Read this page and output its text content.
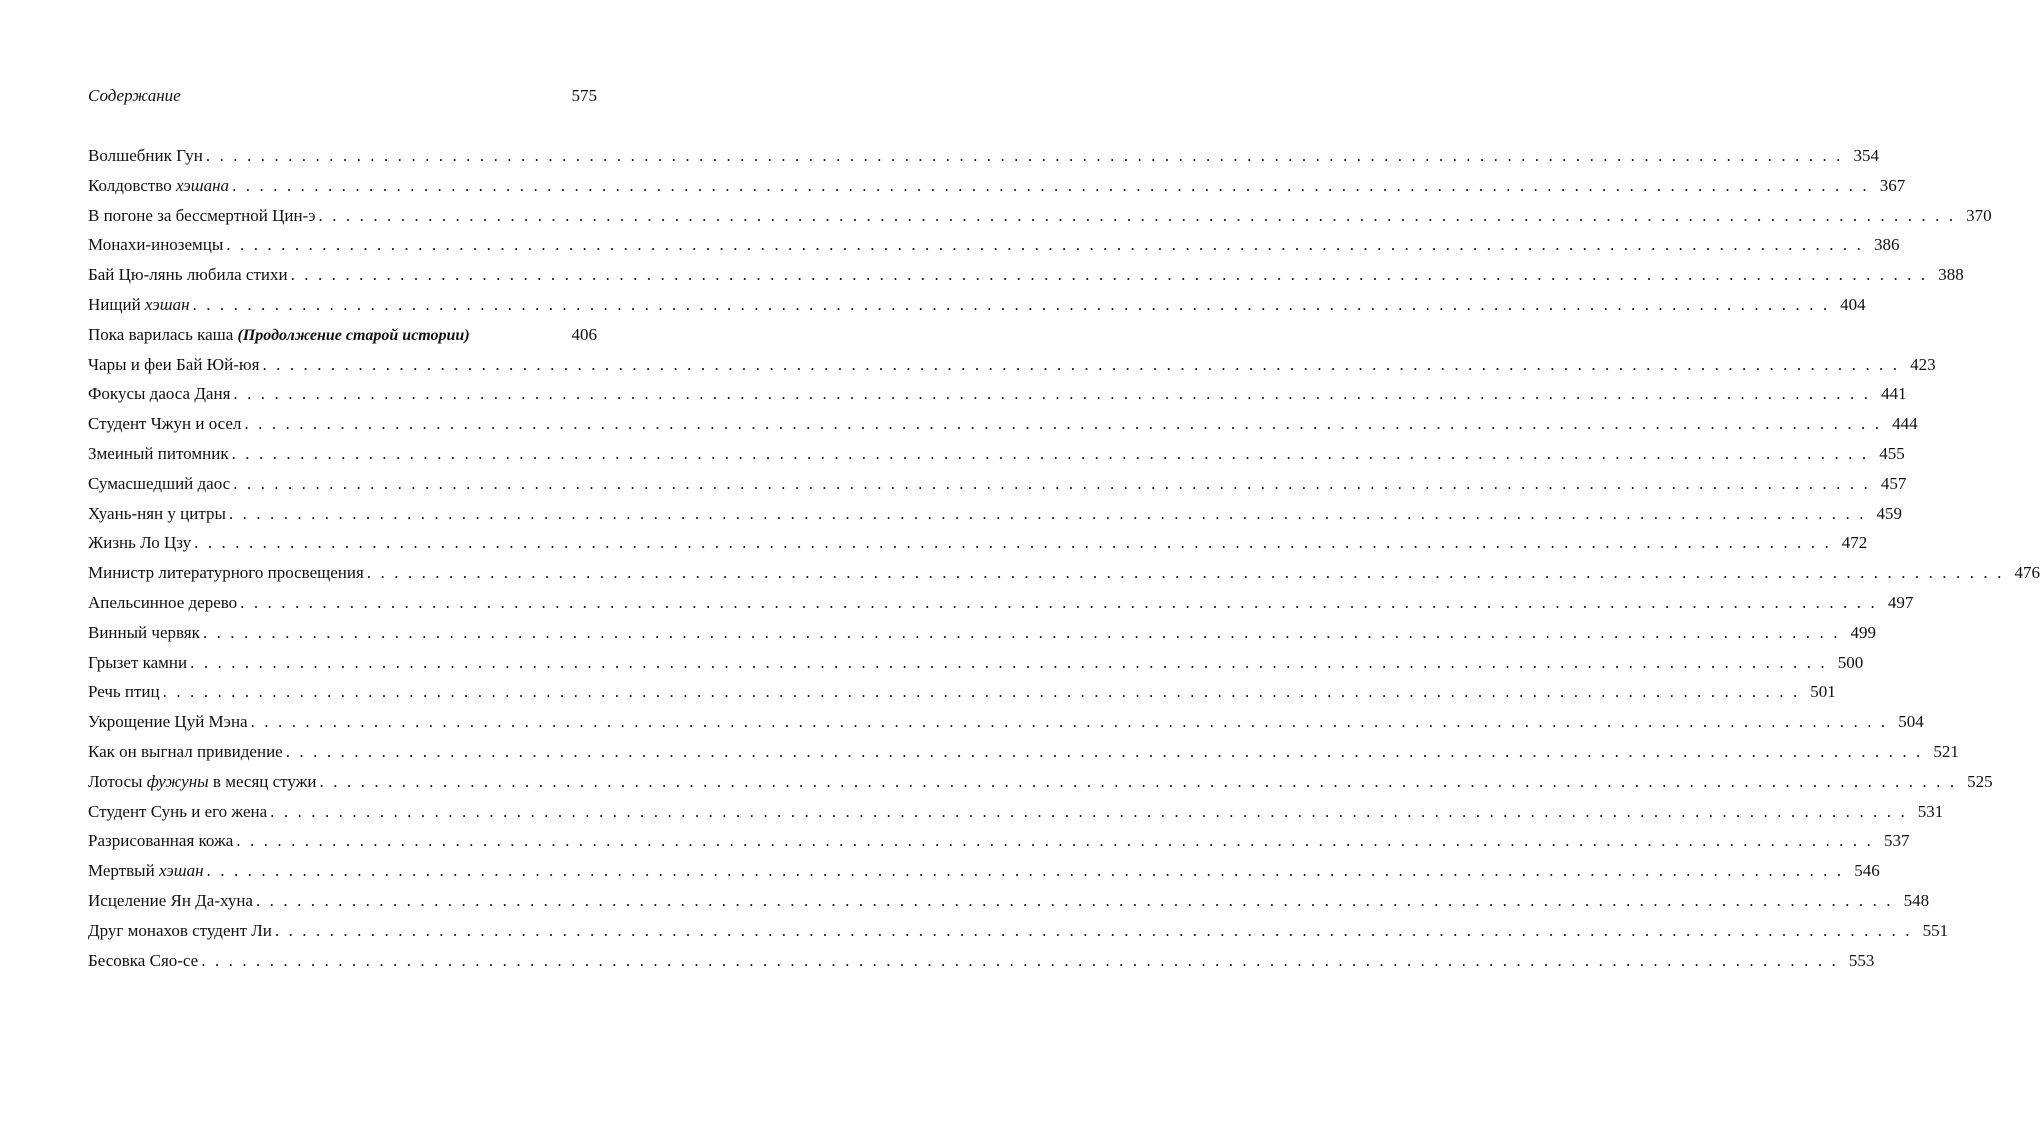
Содержание	575
Волшебник Гун . . . . . . . . . . . . . . . . . . . . . . . . . . . . . . . . . . . . . . . . . . . . . . . . . . . . . . . . . . . . . . . . . . . . . . . . . . . . . . . . . . . . . . . . . . . . . . . . . . . . . . . . . . . . . . . . . . . . . . . . 354
Колдовство хэшана . . . . . . . . . . . . . . . . . . . . . . . . . . . . . . . . . . . . . . . . . . . . . . . . . . . . . . . . . . . . . . . . . . . . . . . . . . . . . . . . . . . . . . . . . . . . . . . . . . . . . . . . . . . . . . . . . . . . . . . . 367
В погоне за бессмертной Цин-э . . . . . . . . . . . . . . . . . . . . . . . . . . . . . . . . . . . . . . . . . . . . . . . . . . . . . . . . . . . . . . . . . . . . . . . . . . . . . . . . . . . . . . . . . . . . . . . . . . . . . . . . . . . . . . . . . . . . . . . . 370
Монахи-иноземцы . . . . . . . . . . . . . . . . . . . . . . . . . . . . . . . . . . . . . . . . . . . . . . . . . . . . . . . . . . . . . . . . . . . . . . . . . . . . . . . . . . . . . . . . . . . . . . . . . . . . . . . . . . . . . . . . . . . . . . . . 386
Бай Цю-лянь любила стихи . . . . . . . . . . . . . . . . . . . . . . . . . . . . . . . . . . . . . . . . . . . . . . . . . . . . . . . . . . . . . . . . . . . . . . . . . . . . . . . . . . . . . . . . . . . . . . . . . . . . . . . . . . . . . . . . . . . . . . . . 388
Нищий хэшан . . . . . . . . . . . . . . . . . . . . . . . . . . . . . . . . . . . . . . . . . . . . . . . . . . . . . . . . . . . . . . . . . . . . . . . . . . . . . . . . . . . . . . . . . . . . . . . . . . . . . . . . . . . . . . . . . . . . . . . . 404
Пока варилась каша (Продолжение старой истории)	406
Чары и феи Бай Юй-юя . . . . . . . . . . . . . . . . . . . . . . . . . . . . . . . . . . . . . . . . . . . . . . . . . . . . . . . . . . . . . . . . . . . . . . . . . . . . . . . . . . . . . . . . . . . . . . . . . . . . . . . . . . . . . . . . . . . . . . . . 423
Фокусы даоса Даня . . . . . . . . . . . . . . . . . . . . . . . . . . . . . . . . . . . . . . . . . . . . . . . . . . . . . . . . . . . . . . . . . . . . . . . . . . . . . . . . . . . . . . . . . . . . . . . . . . . . . . . . . . . . . . . . . . . . . . . . 441
Студент Чжун и осел . . . . . . . . . . . . . . . . . . . . . . . . . . . . . . . . . . . . . . . . . . . . . . . . . . . . . . . . . . . . . . . . . . . . . . . . . . . . . . . . . . . . . . . . . . . . . . . . . . . . . . . . . . . . . . . . . . . . . . . . 444
Змеиный питомник . . . . . . . . . . . . . . . . . . . . . . . . . . . . . . . . . . . . . . . . . . . . . . . . . . . . . . . . . . . . . . . . . . . . . . . . . . . . . . . . . . . . . . . . . . . . . . . . . . . . . . . . . . . . . . . . . . . . . . . . 455
Сумасшедший даос . . . . . . . . . . . . . . . . . . . . . . . . . . . . . . . . . . . . . . . . . . . . . . . . . . . . . . . . . . . . . . . . . . . . . . . . . . . . . . . . . . . . . . . . . . . . . . . . . . . . . . . . . . . . . . . . . . . . . . . . 457
Хуань-нян у цитры . . . . . . . . . . . . . . . . . . . . . . . . . . . . . . . . . . . . . . . . . . . . . . . . . . . . . . . . . . . . . . . . . . . . . . . . . . . . . . . . . . . . . . . . . . . . . . . . . . . . . . . . . . . . . . . . . . . . . . . . 459
Жизнь Ло Цзу . . . . . . . . . . . . . . . . . . . . . . . . . . . . . . . . . . . . . . . . . . . . . . . . . . . . . . . . . . . . . . . . . . . . . . . . . . . . . . . . . . . . . . . . . . . . . . . . . . . . . . . . . . . . . . . . . . . . . . . . 472
Министр литературного просвещения . . . . . . . . . . . . . . . . . . . . . . . . . . . . . . . . . . . . . . . . . . . . . . . . . . . . . . . . . . . . . . . . . . . . . . . . . . . . . . . . . . . . . . . . . . . . . . . . . . . . . . . . . . . . . . . . . . . . . . . . 476
Апельсинное дерево . . . . . . . . . . . . . . . . . . . . . . . . . . . . . . . . . . . . . . . . . . . . . . . . . . . . . . . . . . . . . . . . . . . . . . . . . . . . . . . . . . . . . . . . . . . . . . . . . . . . . . . . . . . . . . . . . . . . . . . . 497
Винный червяк . . . . . . . . . . . . . . . . . . . . . . . . . . . . . . . . . . . . . . . . . . . . . . . . . . . . . . . . . . . . . . . . . . . . . . . . . . . . . . . . . . . . . . . . . . . . . . . . . . . . . . . . . . . . . . . . . . . . . . . . 499
Грызет камни . . . . . . . . . . . . . . . . . . . . . . . . . . . . . . . . . . . . . . . . . . . . . . . . . . . . . . . . . . . . . . . . . . . . . . . . . . . . . . . . . . . . . . . . . . . . . . . . . . . . . . . . . . . . . . . . . . . . . . . . 500
Речь птиц . . . . . . . . . . . . . . . . . . . . . . . . . . . . . . . . . . . . . . . . . . . . . . . . . . . . . . . . . . . . . . . . . . . . . . . . . . . . . . . . . . . . . . . . . . . . . . . . . . . . . . . . . . . . . . . . . . . . . . . . 501
Укрощение Цуй Мэна . . . . . . . . . . . . . . . . . . . . . . . . . . . . . . . . . . . . . . . . . . . . . . . . . . . . . . . . . . . . . . . . . . . . . . . . . . . . . . . . . . . . . . . . . . . . . . . . . . . . . . . . . . . . . . . . . . . . . . . . 504
Как он выгнал привидение . . . . . . . . . . . . . . . . . . . . . . . . . . . . . . . . . . . . . . . . . . . . . . . . . . . . . . . . . . . . . . . . . . . . . . . . . . . . . . . . . . . . . . . . . . . . . . . . . . . . . . . . . . . . . . . . . . . . . . . . 521
Лотосы фужуны в месяц стужи . . . . . . . . . . . . . . . . . . . . . . . . . . . . . . . . . . . . . . . . . . . . . . . . . . . . . . . . . . . . . . . . . . . . . . . . . . . . . . . . . . . . . . . . . . . . . . . . . . . . . . . . . . . . . . . . . . . . . . . . 525
Студент Сунь и его жена . . . . . . . . . . . . . . . . . . . . . . . . . . . . . . . . . . . . . . . . . . . . . . . . . . . . . . . . . . . . . . . . . . . . . . . . . . . . . . . . . . . . . . . . . . . . . . . . . . . . . . . . . . . . . . . . . . . . . . . . 531
Разрисованная кожа . . . . . . . . . . . . . . . . . . . . . . . . . . . . . . . . . . . . . . . . . . . . . . . . . . . . . . . . . . . . . . . . . . . . . . . . . . . . . . . . . . . . . . . . . . . . . . . . . . . . . . . . . . . . . . . . . . . . . . . . 537
Мертвый хэшан . . . . . . . . . . . . . . . . . . . . . . . . . . . . . . . . . . . . . . . . . . . . . . . . . . . . . . . . . . . . . . . . . . . . . . . . . . . . . . . . . . . . . . . . . . . . . . . . . . . . . . . . . . . . . . . . . . . . . . . . 546
Исцеление Ян Да-хуна . . . . . . . . . . . . . . . . . . . . . . . . . . . . . . . . . . . . . . . . . . . . . . . . . . . . . . . . . . . . . . . . . . . . . . . . . . . . . . . . . . . . . . . . . . . . . . . . . . . . . . . . . . . . . . . . . . . . . . . . 548
Друг монахов студент Ли . . . . . . . . . . . . . . . . . . . . . . . . . . . . . . . . . . . . . . . . . . . . . . . . . . . . . . . . . . . . . . . . . . . . . . . . . . . . . . . . . . . . . . . . . . . . . . . . . . . . . . . . . . . . . . . . . . . . . . . . 551
Бесовка Сяо-се . . . . . . . . . . . . . . . . . . . . . . . . . . . . . . . . . . . . . . . . . . . . . . . . . . . . . . . . . . . . . . . . . . . . . . . . . . . . . . . . . . . . . . . . . . . . . . . . . . . . . . . . . . . . . . . . . . . . . . . . 553
